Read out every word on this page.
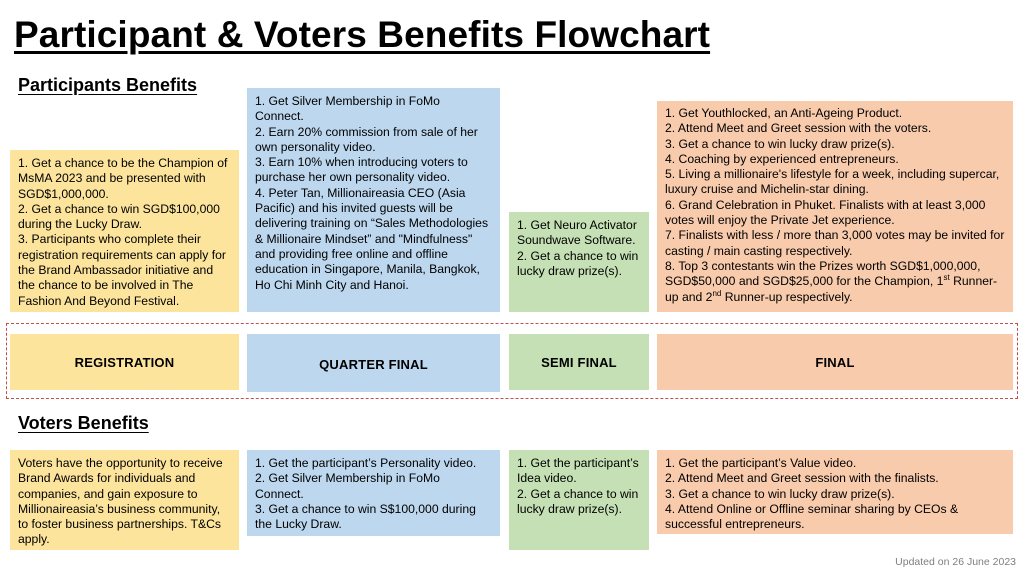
Participant & Voters Benefits Flowchart
Participants Benefits
1. Get a chance to be the Champion of MsMA 2023 and be presented with SGD$1,000,000.
2. Get a chance to win SGD$100,000 during the Lucky Draw.
3. Participants who complete their registration requirements can apply for the Brand Ambassador initiative and the chance to be involved in The Fashion And Beyond Festival.
1. Get Silver Membership in FoMo Connect.
2. Earn 20% commission from sale of her own personality video.
3. Earn 10% when introducing voters to purchase her own personality video.
4. Peter Tan, Millionaireasia CEO (Asia Pacific) and his invited guests will be delivering training on “Sales Methodologies & Millionaire Mindset” and "Mindfulness" and providing free online and offline education in Singapore, Manila, Bangkok, Ho Chi Minh City and Hanoi.
1. Get Neuro Activator Soundwave Software.
2. Get a chance to win lucky draw prize(s).
1. Get Youthlocked, an Anti-Ageing Product.
2. Attend Meet and Greet session with the voters.
3. Get a chance to win lucky draw prize(s).
4. Coaching by experienced entrepreneurs.
5. Living a millionaire's lifestyle for a week, including supercar, luxury cruise and Michelin-star dining.
6. Grand Celebration in Phuket. Finalists with at least 3,000 votes will enjoy the Private Jet experience.
7. Finalists with less / more than 3,000 votes may be invited for casting / main casting respectively.
8. Top 3 contestants win the Prizes worth SGD$1,000,000, SGD$50,000 and SGD$25,000 for the Champion, 1st Runner-up and 2nd Runner-up respectively.
REGISTRATION	QUARTER FINAL	SEMI FINAL	FINAL
Voters Benefits
Voters have the opportunity to receive Brand Awards for individuals and companies, and gain exposure to Millionaireasia’s business community, to foster business partnerships. T&Cs apply.
1. Get the participant’s Personality video.
2. Get Silver Membership in FoMo Connect.
3. Get a chance to win S$100,000 during the Lucky Draw.
1. Get the participant’s Idea video.
2. Get a chance to win lucky draw prize(s).
1. Get the participant’s Value video.
2. Attend Meet and Greet session with the finalists.
3. Get a chance to win lucky draw prize(s).
4. Attend Online or Offline seminar sharing by CEOs & successful entrepreneurs.
Updated on 26 June 2023
